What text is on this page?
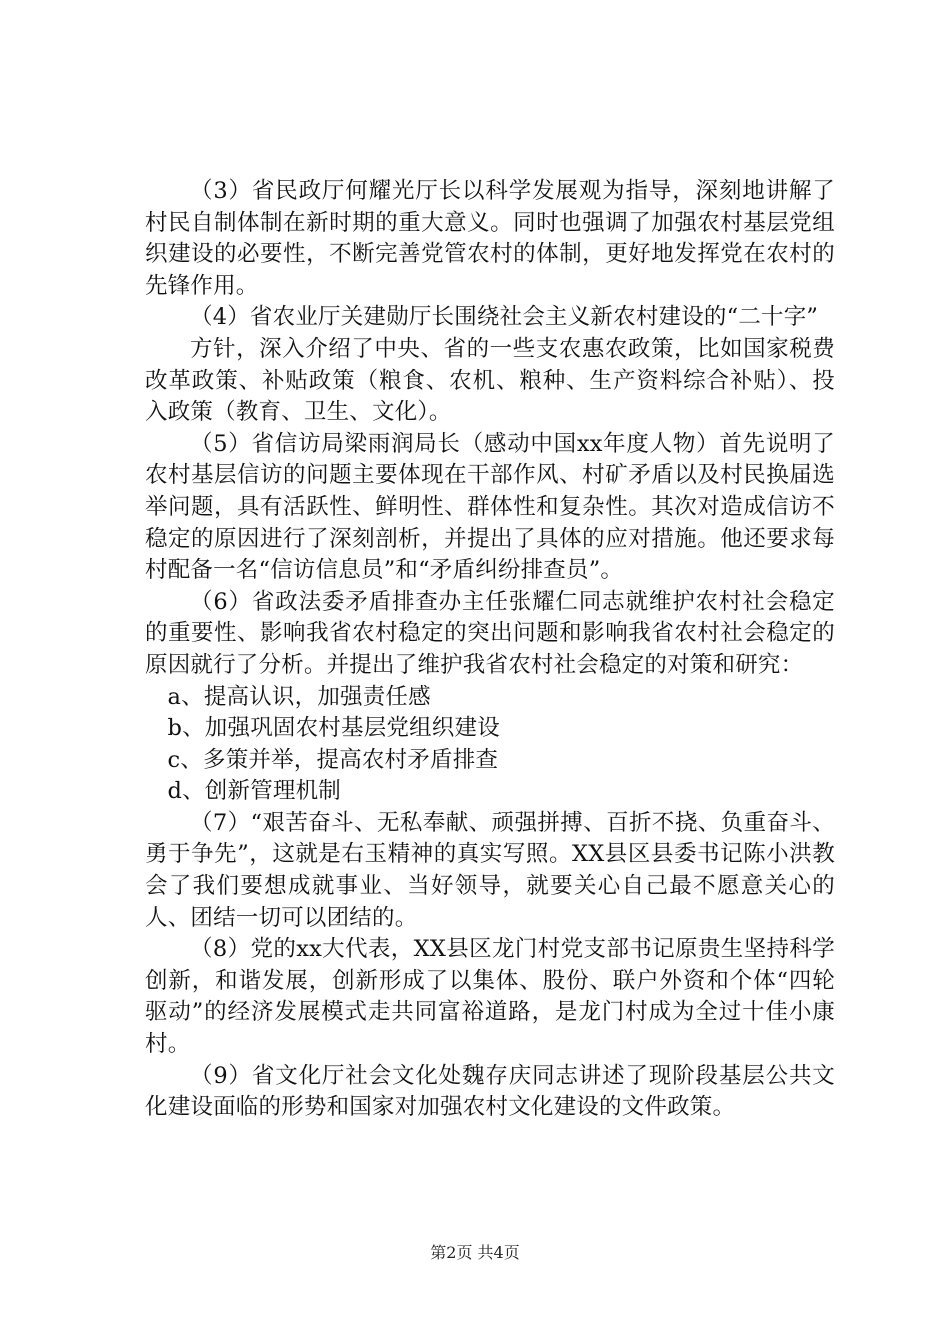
（3）省民政厅何耀光厅长以科学发展观为指导，深刻地讲解了村民自制体制在新时期的重大意义。同时也强调了加强农村基层党组织建设的必要性，不断完善党管农村的体制，更好地发挥党在农村的先锋作用。

（4）省农业厅关建勋厅长围绕社会主义新农村建设的“二十字”

方针，深入介绍了中央、省的一些支农惠农政策，比如国家税费改革政策、补贴政策（粮食、农机、粮种、生产资料综合补贴）、投入政策（教育、卫生、文化）。

（5）省信访局梁雨润局长（感动中国xx年度人物）首先说明了农村基层信访的问题主要体现在干部作风、村矿矛盾以及村民换届选举问题，具有活跃性、鲜明性、群体性和复杂性。其次对造成信访不稳定的原因进行了深刻剖析，并提出了具体的应对措施。他还要求每村配备一名“信访信息员”和“矛盾纠纷排查员”。

（6）省政法委矛盾排查办主任张耀仁同志就维护农村社会稳定的重要性、影响我省农村稳定的突出问题和影响我省农村社会稳定的原因就行了分析。并提出了维护我省农村社会稳定的对策和研究：

a、提高认识，加强责任感

b、加强巩固农村基层党组织建设

c、多策并举，提高农村矛盾排查

d、创新管理机制

（7）“艰苦奋斗、无私奉献、顽强拼搏、百折不挠、负重奋斗、勇于争先”，这就是右玉精神的真实写照。XX县区县委书记陈小洪教会了我们要想成就事业、当好领导，就要关心自己最不愿意关心的人、团结一切可以团结的。

（8）党的xx大代表，XX县区龙门村党支部书记原贵生坚持科学创新，和谐发展，创新形成了以集体、股份、联户外资和个体“四轮驱动”的经济发展模式走共同富裕道路，是龙门村成为全过十佳小康村。

（9）省文化厅社会文化处魏存庆同志讲述了现阶段基层公共文化建设面临的形势和国家对加强农村文化建设的文件政策。

第2页 共4页
